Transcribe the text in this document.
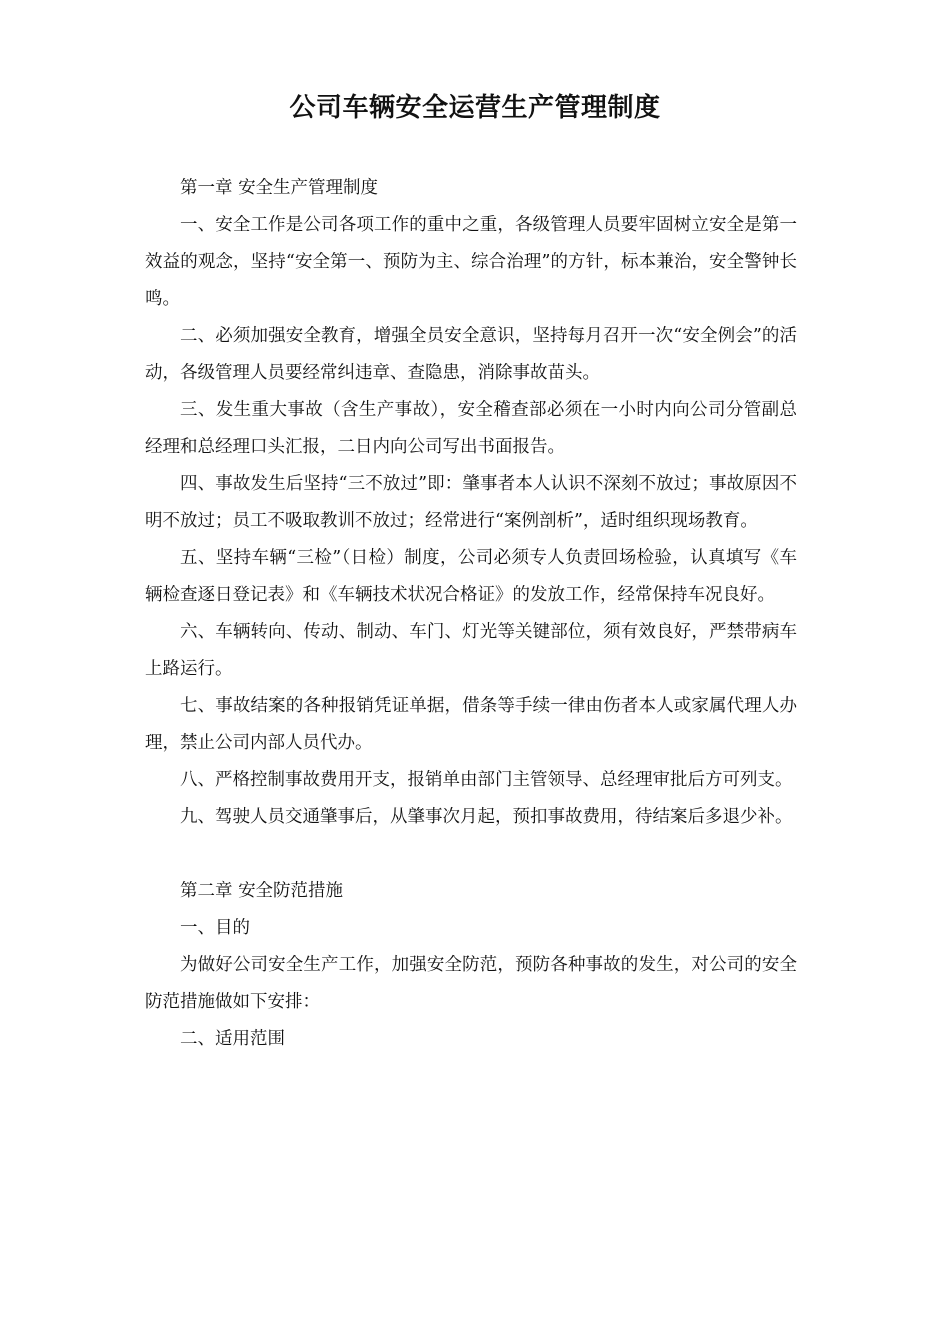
公司车辆安全运营生产管理制度

第一章 安全生产管理制度

一、安全工作是公司各项工作的重中之重，各级管理人员要牢固树立安全是第一效益的观念，坚持“安全第一、预防为主、综合治理”的方针，标本兼治，安全警钟长鸣。

二、必须加强安全教育，增强全员安全意识，坚持每月召开一次“安全例会”的活动，各级管理人员要经常纠违章、查隐患，消除事故苗头。

三、发生重大事故（含生产事故），安全稽查部必须在一小时内向公司分管副总经理和总经理口头汇报，二日内向公司写出书面报告。

四、事故发生后坚持“三不放过”即：肇事者本人认识不深刻不放过；事故原因不明不放过；员工不吸取教训不放过；经常进行“案例剖析”，适时组织现场教育。

五、坚持车辆“三检”（日检）制度，公司必须专人负责回场检验，认真填写《车辆检查逐日登记表》和《车辆技术状况合格证》的发放工作，经常保持车况良好。

六、车辆转向、传动、制动、车门、灯光等关键部位，须有效良好，严禁带病车上路运行。

七、事故结案的各种报销凭证单据，借条等手续一律由伤者本人或家属代理人办理，禁止公司内部人员代办。

八、严格控制事故费用开支，报销单由部门主管领导、总经理审批后方可列支。

九、驾驶人员交通肇事后，从肇事次月起，预扣事故费用，待结案后多退少补。

第二章 安全防范措施

一、目的

为做好公司安全生产工作，加强安全防范，预防各种事故的发生，对公司的安全防范措施做如下安排：

二、适用范围
